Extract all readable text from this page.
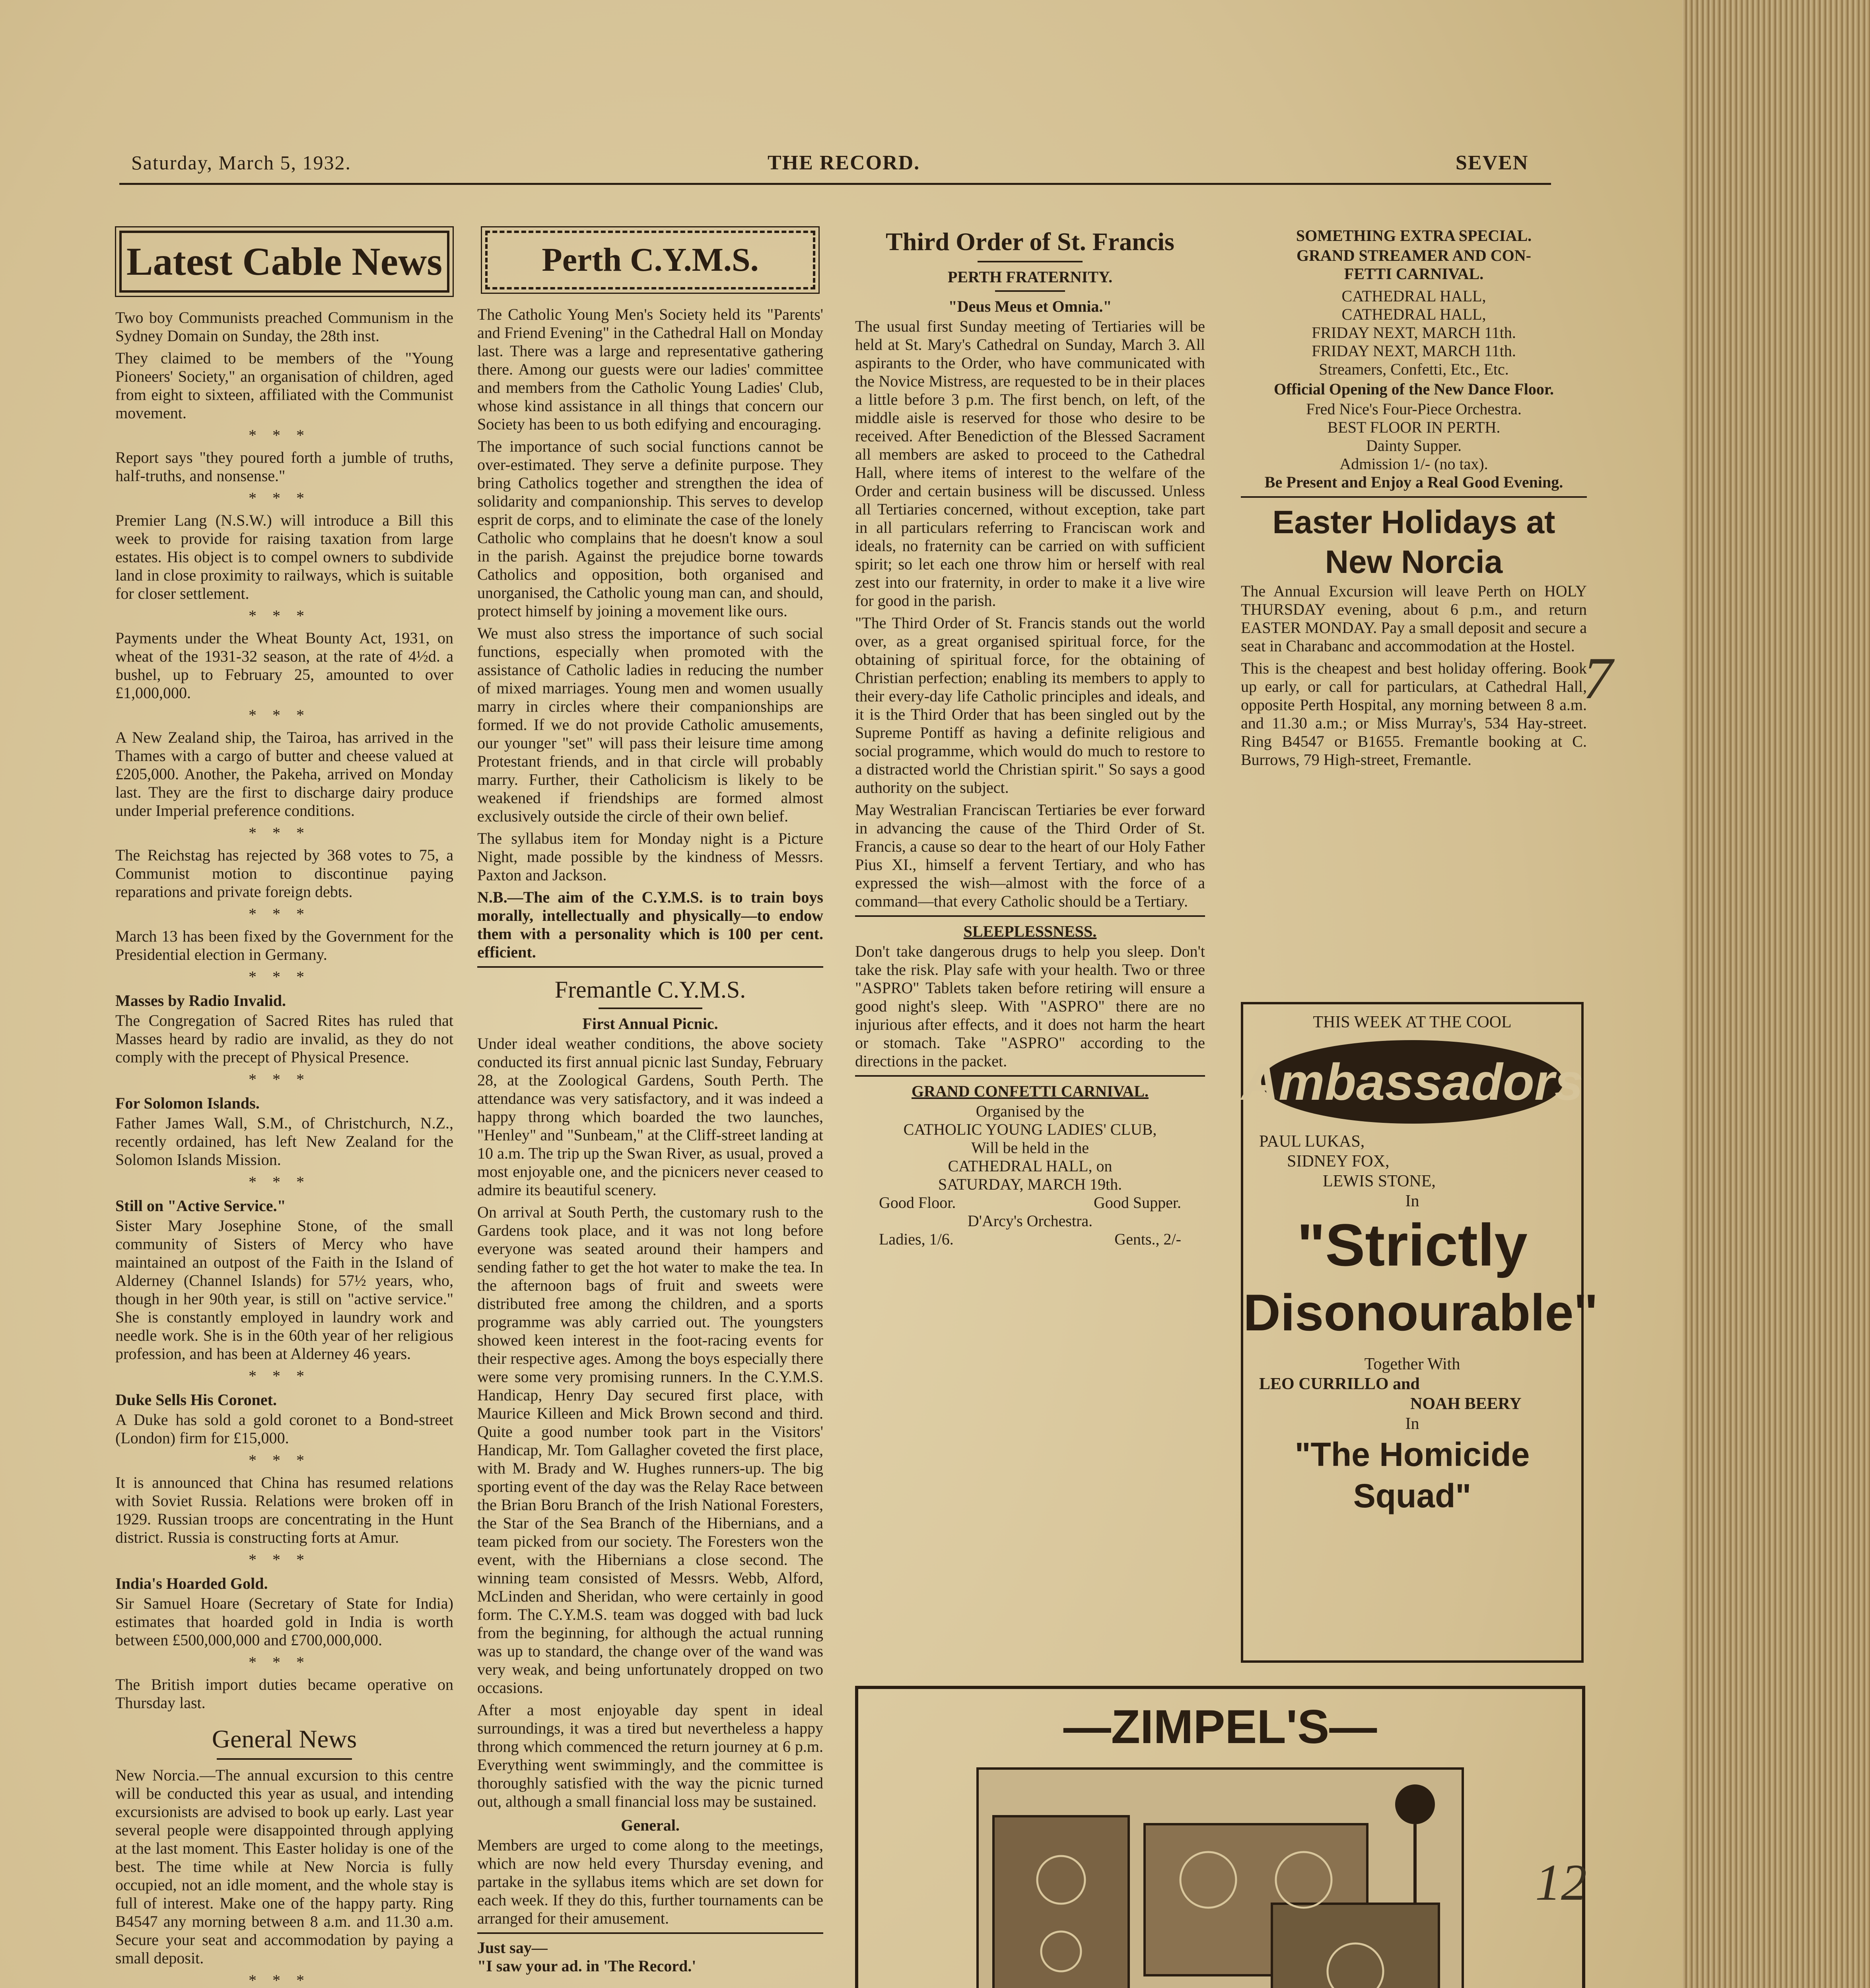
Saturday, March 5, 1932.	THE RECORD.	SEVEN
Latest Cable News

Two boy Communists preached Communism in the Sydney Domain on Sunday, the 28th inst.

They claimed to be members of the "Young Pioneers' Society," an organisation of children, aged from eight to sixteen, affiliated with the Communist movement.

***

Report says "they poured forth a jumble of truths, half-truths, and nonsense."

***

Premier Lang (N.S.W.) will introduce a Bill this week to provide for raising taxation from large estates. His object is to compel owners to subdivide land in close proximity to railways, which is suitable for closer settlement.

***

Payments under the Wheat Bounty Act, 1931, on wheat of the 1931-32 season, at the rate of 4½d. a bushel, up to February 25, amounted to over £1,000,000.

***

A New Zealand ship, the Tairoa, has arrived in the Thames with a cargo of butter and cheese valued at £205,000. Another, the Pakeha, arrived on Monday last. They are the first to discharge dairy produce under Imperial preference conditions.

***

The Reichstag has rejected by 368 votes to 75, a Communist motion to discontinue paying reparations and private foreign debts.

***

March 13 has been fixed by the Government for the Presidential election in Germany.

***
Masses by Radio Invalid.

The Congregation of Sacred Rites has ruled that Masses heard by radio are invalid, as they do not comply with the precept of Physical Presence.

***
For Solomon Islands.

Father James Wall, S.M., of Christchurch, N.Z., recently ordained, has left New Zealand for the Solomon Islands Mission.

***
Still on "Active Service."

Sister Mary Josephine Stone, of the small community of Sisters of Mercy who have maintained an outpost of the Faith in the Island of Alderney (Channel Islands) for 57½ years, who, though in her 90th year, is still on "active service." She is constantly employed in laundry work and needle work. She is in the 60th year of her religious profession, and has been at Alderney 46 years.

***
Duke Sells His Coronet.

A Duke has sold a gold coronet to a Bond-street (London) firm for £15,000.

***

It is announced that China has resumed relations with Soviet Russia. Relations were broken off in 1929. Russian troops are concentrating in the Hunt district. Russia is constructing forts at Amur.

***
India's Hoarded Gold.

Sir Samuel Hoare (Secretary of State for India) estimates that hoarded gold in India is worth between £500,000,000 and £700,000,000.

***

The British import duties became operative on Thursday last.

General News

New Norcia.—The annual excursion to this centre will be conducted this year as usual, and intending excursionists are advised to book up early. Last year several people were disappointed through applying at the last moment. This Easter holiday is one of the best. The time while at New Norcia is fully occupied, not an idle moment, and the whole stay is full of interest. Make one of the happy party. Ring B4547 any morning between 8 a.m. and 11.30 a.m. Secure your seat and accommodation by paying a small deposit.

***

Perth C.Y.M.S.

The Catholic Young Men's Society held its "Parents' and Friend Evening" in the Cathedral Hall on Monday last. There was a large and representative gathering there. Among our guests were our ladies' committee and members from the Catholic Young Ladies' Club, whose kind assistance in all things that concern our Society has been to us both edifying and encouraging.

The importance of such social functions cannot be over-estimated. They serve a definite purpose. They bring Catholics together and strengthen the idea of solidarity and companionship. This serves to develop esprit de corps, and to eliminate the case of the lonely Catholic who complains that he doesn't know a soul in the parish. Against the prejudice borne towards Catholics and opposition, both organised and unorganised, the Catholic young man can, and should, protect himself by joining a movement like ours.

We must also stress the importance of such social functions, especially when promoted with the assistance of Catholic ladies in reducing the number of mixed marriages. Young men and women usually marry in circles where their companionships are formed. If we do not provide Catholic amusements, our younger "set" will pass their leisure time among Protestant friends, and in that circle will probably marry. Further, their Catholicism is likely to be weakened if friendships are formed almost exclusively outside the circle of their own belief.

The syllabus item for Monday night is a Picture Night, made possible by the kindness of Messrs. Paxton and Jackson.

N.B.—The aim of the C.Y.M.S. is to train boys morally, intellectually and physically—to endow them with a personality which is 100 per cent. efficient.

Fremantle C.Y.M.S.
First Annual Picnic.

Under ideal weather conditions, the above society conducted its first annual picnic last Sunday, February 28, at the Zoological Gardens, South Perth. The attendance was very satisfactory, and it was indeed a happy throng which boarded the two launches, "Henley" and "Sunbeam," at the Cliff-street landing at 10 a.m. The trip up the Swan River, as usual, proved a most enjoyable one, and the picnicers never ceased to admire its beautiful scenery.

On arrival at South Perth, the customary rush to the Gardens took place, and it was not long before everyone was seated around their hampers and sending father to get the hot water to make the tea. In the afternoon bags of fruit and sweets were distributed free among the children, and a sports programme was ably carried out. The youngsters showed keen interest in the foot-racing events for their respective ages. Among the boys especially there were some very promising runners. In the C.Y.M.S. Handicap, Henry Day secured first place, with Maurice Killeen and Mick Brown second and third. Quite a good number took part in the Visitors' Handicap, Mr. Tom Gallagher coveted the first place, with M. Brady and W. Hughes runners-up. The big sporting event of the day was the Relay Race between the Brian Boru Branch of the Irish National Foresters, the Star of the Sea Branch of the Hibernians, and a team picked from our society. The Foresters won the event, with the Hibernians a close second. The winning team consisted of Messrs. Webb, Alford, McLinden and Sheridan, who were certainly in good form. The C.Y.M.S. team was dogged with bad luck from the beginning, for although the actual running was up to standard, the change over of the wand was very weak, and being unfortunately dropped on two occasions.

After a most enjoyable day spent in ideal surroundings, it was a tired but nevertheless a happy throng which commenced the return journey at 6 p.m. Everything went swimmingly, and the committee is thoroughly satisfied with the way the picnic turned out, although a small financial loss may be sustained.

General.

Members are urged to come along to the meetings, which are now held every Thursday evening, and partake in the syllabus items which are set down for each week. If they do this, further tournaments can be arranged for their amusement.

Just say—
"I saw your ad. in 'The Record.'
Third Order of St. Francis
PERTH FRATERNITY.
"Deus Meus et Omnia."

The usual first Sunday meeting of Tertiaries will be held at St. Mary's Cathedral on Sunday, March 3. All aspirants to the Order, who have communicated with the Novice Mistress, are requested to be in their places a little before 3 p.m. The first bench, on left, of the middle aisle is reserved for those who desire to be received. After Benediction of the Blessed Sacrament all members are asked to proceed to the Cathedral Hall, where items of interest to the welfare of the Order and certain business will be discussed. Unless all Tertiaries concerned, without exception, take part in all particulars referring to Franciscan work and ideals, no fraternity can be carried on with sufficient spirit; so let each one throw him or herself with real zest into our fraternity, in order to make it a live wire for good in the parish.

"The Third Order of St. Francis stands out the world over, as a great organised spiritual force, for the obtaining of spiritual force, for the obtaining of Christian perfection; enabling its members to apply to their every-day life Catholic principles and ideals, and it is the Third Order that has been singled out by the Supreme Pontiff as having a definite religious and social programme, which would do much to restore to a distracted world the Christian spirit." So says a good authority on the subject.

May Westralian Franciscan Tertiaries be ever forward in advancing the cause of the Third Order of St. Francis, a cause so dear to the heart of our Holy Father Pius XI., himself a fervent Tertiary, and who has expressed the wish—almost with the force of a command—that every Catholic should be a Tertiary.

SLEEPLESSNESS.

Don't take dangerous drugs to help you sleep. Don't take the risk. Play safe with your health. Two or three "ASPRO" Tablets taken before retiring will ensure a good night's sleep. With "ASPRO" there are no injurious after effects, and it does not harm the heart or stomach. Take "ASPRO" according to the directions in the packet.

GRAND CONFETTI CARNIVAL.
Organised by the
CATHOLIC YOUNG LADIES' CLUB,
Will be held in the
CATHEDRAL HALL, on
SATURDAY, MARCH 19th.
Good Floor.	Good Supper.
D'Arcy's Orchestra.
Ladies, 1/6.	Gents., 2/-
SOMETHING EXTRA SPECIAL.
GRAND STREAMER AND CON-
FETTI CARNIVAL.
CATHEDRAL HALL,
CATHEDRAL HALL,
FRIDAY NEXT, MARCH 11th.
FRIDAY NEXT, MARCH 11th.
Streamers, Confetti, Etc., Etc.
Official Opening of the New Dance Floor.
Fred Nice's Four-Piece Orchestra.
BEST FLOOR IN PERTH.
Dainty Supper.
Admission 1/- (no tax).
Be Present and Enjoy a Real Good Evening.
Easter Holidays at
New Norcia

The Annual Excursion will leave Perth on HOLY THURSDAY evening, about 6 p.m., and return EASTER MONDAY. Pay a small deposit and secure a seat in Charabanc and accommodation at the Hostel.

This is the cheapest and best holiday offering. Book up early, or call for particulars, at Cathedral Hall, opposite Perth Hospital, any morning between 8 a.m. and 11.30 a.m.; or Miss Murray's, 534 Hay-street. Ring B4547 or B1655. Fremantle booking at C. Burrows, 79 High-street, Fremantle.

THIS WEEK AT THE COOL
Ambassadors
PAUL LUKAS,
SIDNEY FOX,
LEWIS STONE,
In
"Strictly
Disonourable"
Together With
LEO CURRILLO and
NOAH BEERY
In
"The Homicide
Squad"
—ZIMPEL'S—

7
12
